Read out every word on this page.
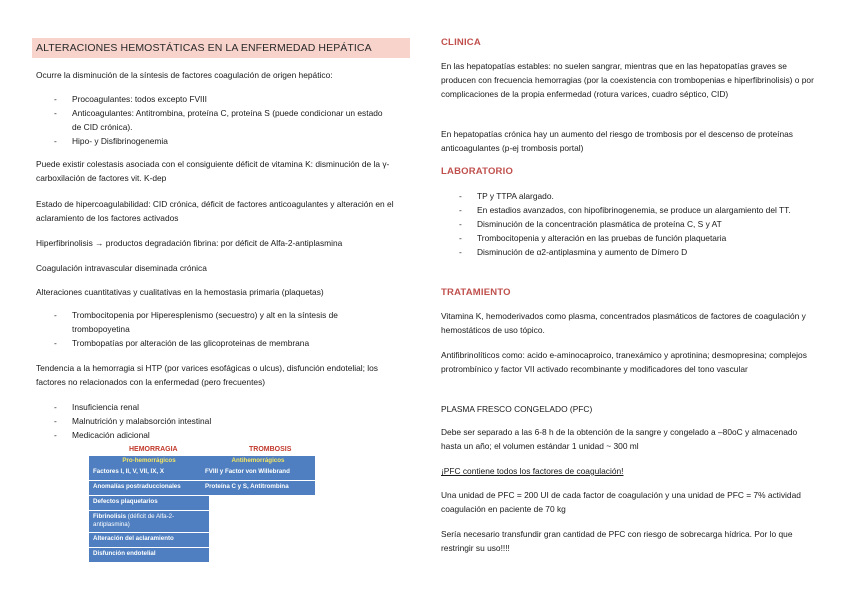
ALTERACIONES HEMOSTÁTICAS EN LA ENFERMEDAD HEPÁTICA

Ocurre la disminución de la síntesis de factores coagulación de origen hepático:

- Procoagulantes: todos excepto FVIII
- Anticoagulantes: Antitrombina, proteína C, proteína S (puede condicionar un estado de CID crónica).
- Hipo- y Disfibrinogenemia

Puede existir colestasis asociada con el consiguiente déficit de vitamina K: disminución de la γ-carboxilación de factores vit. K-dep

Estado de hipercoagulabilidad: CID crónica, déficit de factores anticoagulantes y alteración en el aclaramiento de los factores activados

Hiperfibrinolisis → productos degradación fibrina: por déficit de Alfa-2-antiplasmina

Coagulación intravascular diseminada crónica

Alteraciones cuantitativas y cualitativas en la hemostasia primaria (plaquetas)

- Trombocitopenia por Hiperesplenismo (secuestro) y alt en la síntesis de trombopoyetina
- Trombopatías por alteración de las glicoproteinas de membrana

Tendencia a la hemorragia si HTP (por varices esofágicas o ulcus), disfunción endotelial; los factores no relacionados con la enfermedad (pero frecuentes)

- Insuficiencia renal
- Malnutrición y malabsorción intestinal
- Medicación adicional
HEMORRAGIA	TROMBOSIS
Pro-hemorrágicos	Antihemorrágicos
Factores I, II, V, VII, IX, X
Anomalías postraduccionales
Defectos plaquetarios
Fibrinolisis (déficit de Alfa-2-antiplasmina)
Alteración del aclaramiento
Disfunción endotelial
FVIII y Factor von Willebrand
Proteína C y S, Antitrombina
CLINICA

En las hepatopatías estables: no suelen sangrar, mientras que en las hepatopatías graves se producen con frecuencia hemorragias (por la coexistencia con trombopenias e hiperfibrinolisis) o por complicaciones de la propia enfermedad (rotura varices, cuadro séptico, CID)

En hepatopatías crónica hay un aumento del riesgo de trombosis por el descenso de proteínas anticoagulantes (p-ej trombosis portal)

LABORATORIO
- TP y TTPA alargado.
- En estadios avanzados, con hipofibrinogenemia, se produce un alargamiento del TT.
- Disminución de la concentración plasmática de proteína C, S y AT
- Trombocitopenia y alteración en las pruebas de función plaquetaria
- Disminución de α2-antiplasmina y aumento de Dímero D
TRATAMIENTO

Vitamina K, hemoderivados como plasma, concentrados plasmáticos de factores de coagulación y hemostáticos de uso tópico.

Antifibrinolíticos como: acido e-aminocaproico, tranexámico y aprotinina; desmopresina; complejos protrombínico y factor VII activado recombinante y modificadores del tono vascular

PLASMA FRESCO CONGELADO (PFC)

Debe ser separado a las 6-8 h de la obtención de la sangre y congelado a –80oC y almacenado hasta un año; el volumen estándar 1 unidad ~ 300 ml

¡PFC contiene todos los factores de coagulación!

Una unidad de PFC = 200 UI de cada factor de coagulación y una unidad de PFC = 7% actividad coagulación en paciente de 70 kg

Sería necesario transfundir gran cantidad de PFC con riesgo de sobrecarga hídrica. Por lo que restringir su uso!!!!
